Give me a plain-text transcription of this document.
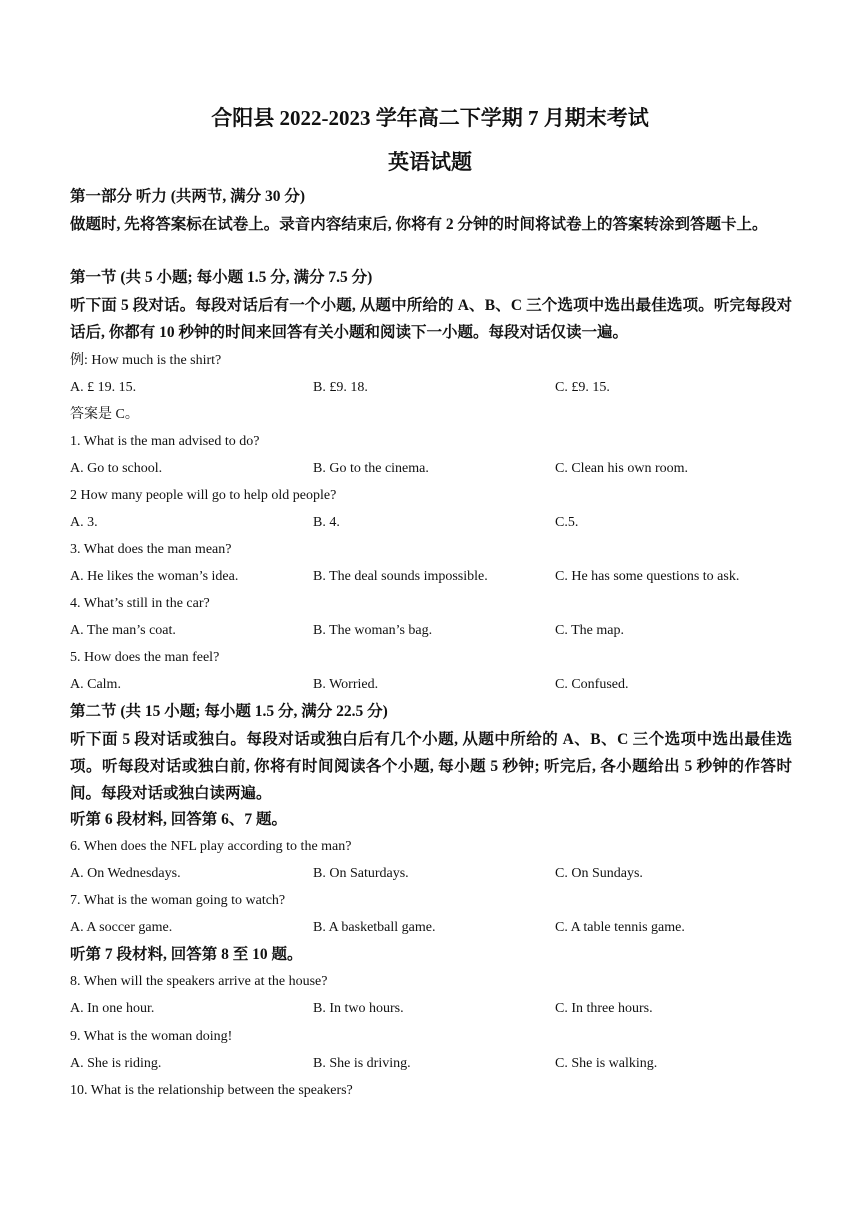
合阳县 2022-2023 学年高二下学期 7 月期末考试
英语试题
第一部分 听力 (共两节, 满分 30 分)
做题时, 先将答案标在试卷上。录音内容结束后, 你将有 2 分钟的时间将试卷上的答案转涂到答题卡上。
第一节 (共 5 小题; 每小题 1.5 分, 满分 7.5 分)
听下面 5 段对话。每段对话后有一个小题, 从题中所给的 A、B、C 三个选项中选出最佳选项。听完每段对话后, 你都有 10 秒钟的时间来回答有关小题和阅读下一小题。每段对话仅读一遍。
例: How much is the shirt?
A. £ 19. 15.	B. £9. 18.	C. £9. 15.
答案是 C。
1. What is the man advised to do?
A. Go to school.	B. Go to the cinema.	C. Clean his own room.
2 How many people will go to help old people?
A. 3.	B. 4.	C.5.
3. What does the man mean?
A. He likes the woman’s idea.	B. The deal sounds impossible.	C. He has some questions to ask.
4. What’s still in the car?
A. The man’s coat.	B. The woman’s bag.	C. The map.
5. How does the man feel?
A. Calm.	B. Worried.	C. Confused.
第二节 (共 15 小题; 每小题 1.5 分, 满分 22.5 分)
听下面 5 段对话或独白。每段对话或独白后有几个小题, 从题中所给的 A、B、C 三个选项中选出最佳选项。听每段对话或独白前, 你将有时间阅读各个小题, 每小题 5 秒钟; 听完后, 各小题给出 5 秒钟的作答时间。每段对话或独白读两遍。
听第 6 段材料, 回答第 6、7 题。
6. When does the NFL play according to the man?
A. On Wednesdays.	B. On Saturdays.	C. On Sundays.
7. What is the woman going to watch?
A. A soccer game.	B. A basketball game.	C. A table tennis game.
听第 7 段材料, 回答第 8 至 10 题。
8. When will the speakers arrive at the house?
A. In one hour.	B. In two hours.	C. In three hours.
9. What is the woman doing!
A. She is riding.	B. She is driving.	C. She is walking.
10. What is the relationship between the speakers?
